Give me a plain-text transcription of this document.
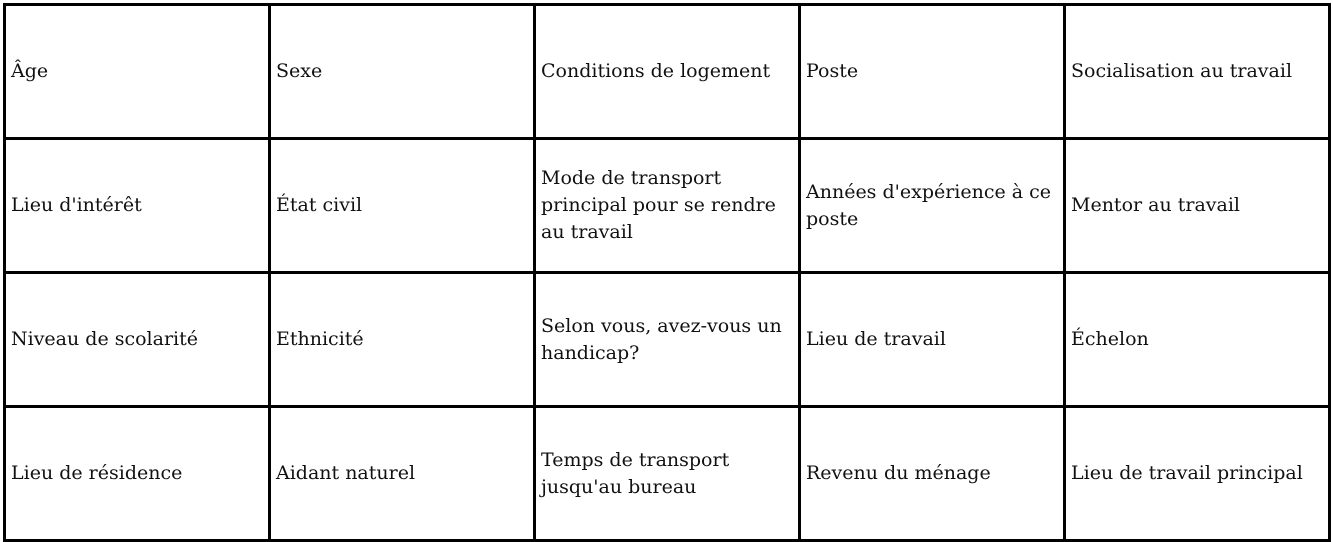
Âge	Sexe	Conditions de logement	Poste	Socialisation au travail
Lieu d'intérêt	État civil	Mode de transport principal pour se rendre au travail	Années d'expérience à ce poste	Mentor au travail
Niveau de scolarité	Ethnicité	Selon vous, avez-vous un handicap?	Lieu de travail	Échelon
Lieu de résidence	Aidant naturel	Temps de transport jusqu'au bureau	Revenu du ménage	Lieu de travail principal
